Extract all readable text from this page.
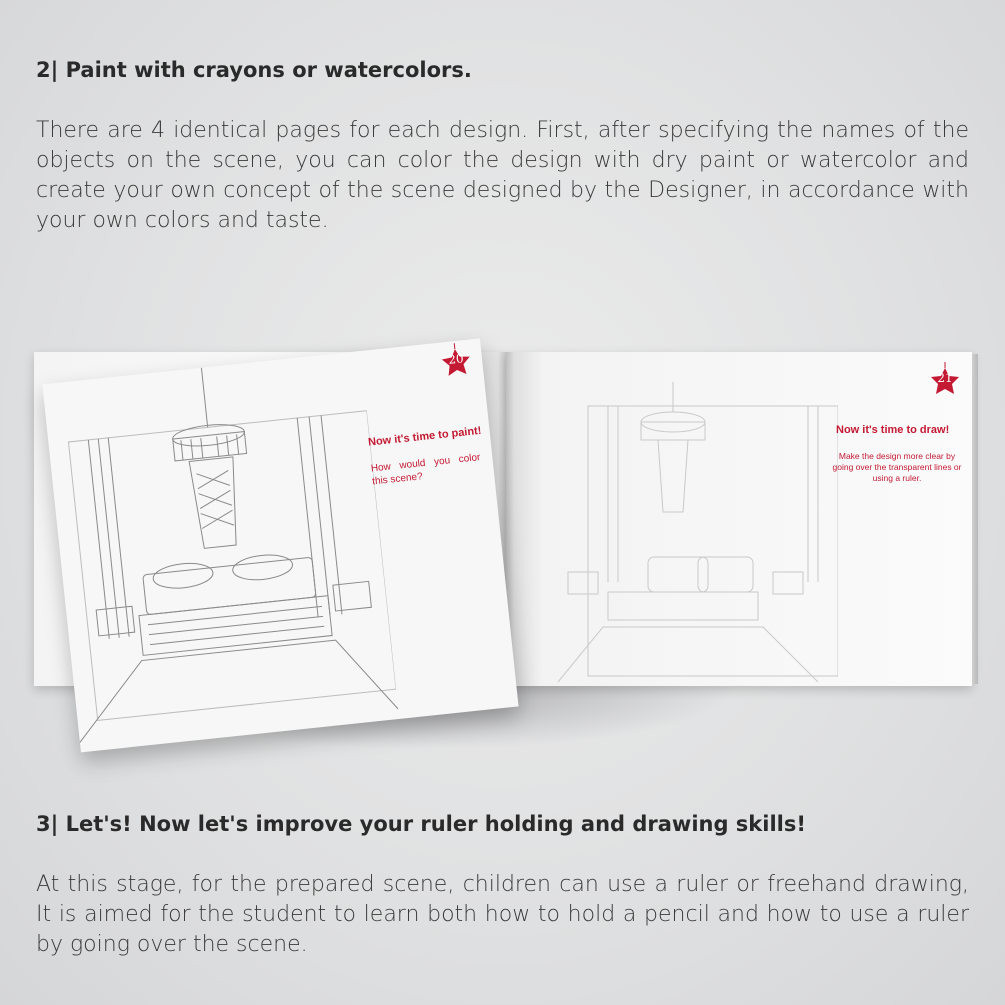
2| Paint with crayons or watercolors.
There are 4 identical pages for each design. First, after specifying the names of the objects on the scene, you can color the design with dry paint or watercolor and create your own concept of the scene designed by the Designer, in accordance with your own colors and taste.
21
Now it's time to draw!
Make the design more clear by going over the transparent lines or using a ruler.
20
Now it's time to paint!
How would you color this scene?
3| Let's! Now let's improve your ruler holding and drawing skills!
At this stage, for the prepared scene, children can use a ruler or freehand drawing, It is aimed for the student to learn both how to hold a pencil and how to use a ruler by going over the scene.
